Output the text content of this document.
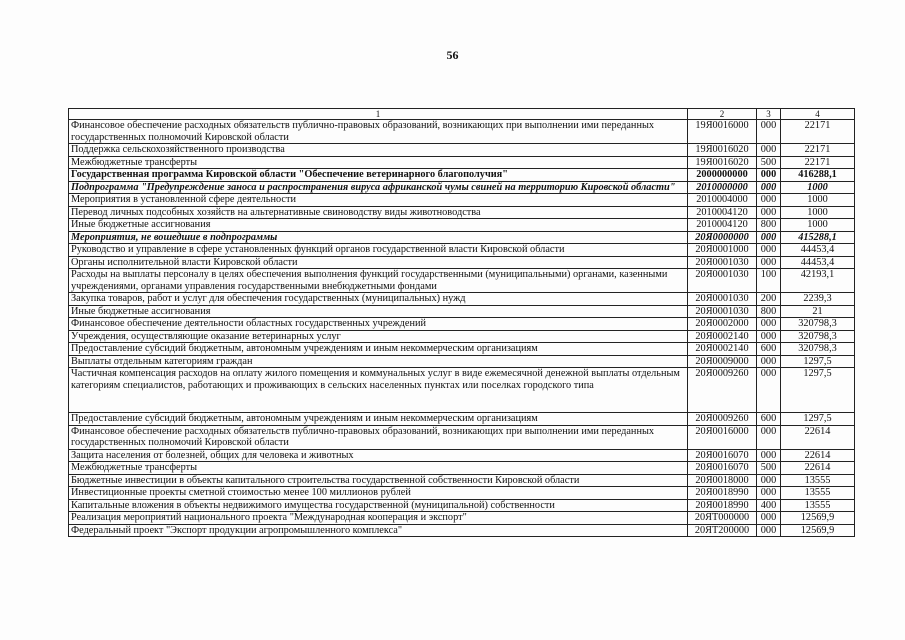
56
1	2	3	4
Финансовое обеспечение расходных обязательств публично-правовых образований, возникающих при выполнении ими переданных государственных полномочий Кировской области	19Я0016000	000	22171
Поддержка сельскохозяйственного производства	19Я0016020	000	22171
Межбюджетные трансферты	19Я0016020	500	22171
Государственная программа Кировской области "Обеспечение ветеринарного благополучия"	2000000000	000	416288,1
Подпрограмма "Предупреждение заноса и распространения вируса африканской чумы свиней на территорию Кировской области"	2010000000	000	1000
Мероприятия в установленной сфере деятельности	2010004000	000	1000
Перевод личных подсобных хозяйств на альтернативные свиноводству виды животноводства	2010004120	000	1000
Иные бюджетные ассигнования	2010004120	800	1000
Мероприятия, не вошедшие в подпрограммы	20Я0000000	000	415288,1
Руководство и управление в сфере установленных функций органов государственной власти Кировской области	20Я0001000	000	44453,4
Органы исполнительной власти Кировской области	20Я0001030	000	44453,4
Расходы на выплаты персоналу в целях обеспечения выполнения функций государственными (муниципальными) органами, казенными учреждениями, органами управления государственными внебюджетными фондами	20Я0001030	100	42193,1
Закупка товаров, работ и услуг для обеспечения государственных (муниципальных) нужд	20Я0001030	200	2239,3
Иные бюджетные ассигнования	20Я0001030	800	21
Финансовое обеспечение деятельности областных государственных учреждений	20Я0002000	000	320798,3
Учреждения, осуществляющие оказание ветеринарных услуг	20Я0002140	000	320798,3
Предоставление субсидий бюджетным, автономным учреждениям и иным некоммерческим организациям	20Я0002140	600	320798,3
Выплаты отдельным категориям граждан	20Я0009000	000	1297,5
Частичная компенсация расходов на оплату жилого помещения и коммунальных услуг в виде ежемесячной денежной выплаты отдельным категориям специалистов, работающих и проживающих в сельских населенных пунктах или поселках городского типа	20Я0009260	000	1297,5
Предоставление субсидий бюджетным, автономным учреждениям и иным некоммерческим организациям	20Я0009260	600	1297,5
Финансовое обеспечение расходных обязательств публично-правовых образований, возникающих при выполнении ими переданных государственных полномочий Кировской области	20Я0016000	000	22614
Защита населения от болезней, общих для человека и животных	20Я0016070	000	22614
Межбюджетные трансферты	20Я0016070	500	22614
Бюджетные инвестиции в объекты капитального строительства государственной собственности Кировской области	20Я0018000	000	13555
Инвестиционные проекты сметной стоимостью менее 100 миллионов рублей	20Я0018990	000	13555
Капитальные вложения в объекты недвижимого имущества государственной (муниципальной) собственности	20Я0018990	400	13555
Реализация мероприятий национального проекта "Международная кооперация и экспорт"	20ЯТ000000	000	12569,9
Федеральный проект "Экспорт продукции агропромышленного комплекса"	20ЯТ200000	000	12569,9
